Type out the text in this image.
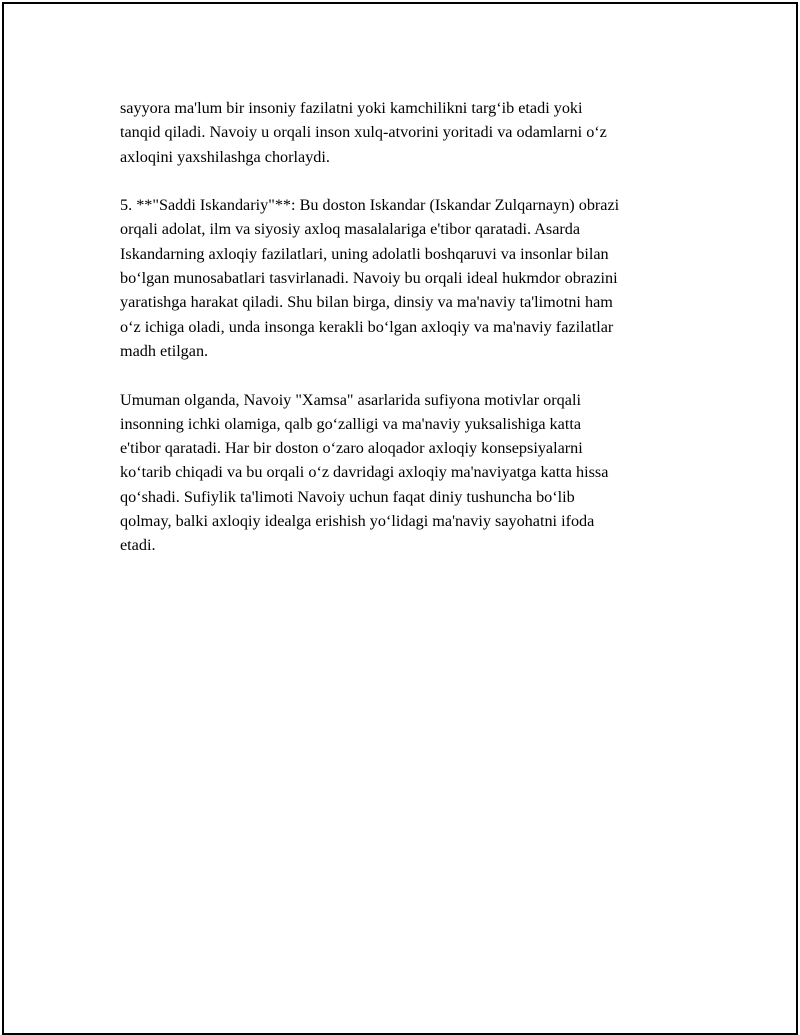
sayyora ma'lum bir insoniy fazilatni yoki kamchilikni targ‘ib etadi yoki
tanqid qiladi. Navoiy u orqali inson xulq-atvorini yoritadi va odamlarni o‘z
axloqini yaxshilashga chorlaydi.

5. **"Saddi Iskandariy"**: Bu doston Iskandar (Iskandar Zulqarnayn) obrazi
orqali adolat, ilm va siyosiy axloq masalalariga e'tibor qaratadi. Asarda
Iskandarning axloqiy fazilatlari, uning adolatli boshqaruvi va insonlar bilan
bo‘lgan munosabatlari tasvirlanadi. Navoiy bu orqali ideal hukmdor obrazini
yaratishga harakat qiladi. Shu bilan birga, dinsiy va ma'naviy ta'limotni ham
o‘z ichiga oladi, unda insonga kerakli bo‘lgan axloqiy va ma'naviy fazilatlar
madh etilgan.

Umuman olganda, Navoiy "Xamsa" asarlarida sufiyona motivlar orqali
insonning ichki olamiga, qalb go‘zalligi va ma'naviy yuksalishiga katta
e'tibor qaratadi. Har bir doston o‘zaro aloqador axloqiy konsepsiyalarni
ko‘tarib chiqadi va bu orqali o‘z davridagi axloqiy ma'naviyatga katta hissa
qo‘shadi. Sufiylik ta'limoti Navoiy uchun faqat diniy tushuncha bo‘lib
qolmay, balki axloqiy idealga erishish yo‘lidagi ma'naviy sayohatni ifoda
etadi.
